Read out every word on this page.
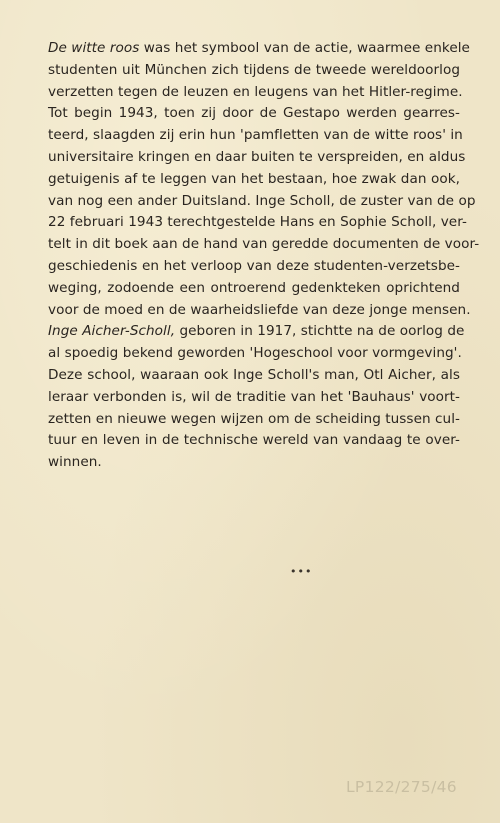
De witte roos was het symbool van de actie, waarmee enkele
studenten uit München zich tijdens de tweede wereldoorlog
verzetten tegen de leuzen en leugens van het Hitler-regime.
Tot begin 1943, toen zij door de Gestapo werden gearres-
teerd, slaagden zij erin hun 'pamfletten van de witte roos' in
universitaire kringen en daar buiten te verspreiden, en aldus
getuigenis af te leggen van het bestaan, hoe zwak dan ook,
van nog een ander Duitsland. Inge Scholl, de zuster van de op
22 februari 1943 terechtgestelde Hans en Sophie Scholl, ver-
telt in dit boek aan de hand van geredde documenten de voor-
geschiedenis en het verloop van deze studenten-verzetsbe-
weging, zodoende een ontroerend gedenkteken oprichtend
voor de moed en de waarheidsliefde van deze jonge mensen.
Inge Aicher-Scholl, geboren in 1917, stichtte na de oorlog de
al spoedig bekend geworden 'Hogeschool voor vormgeving'.
Deze school, waaraan ook Inge Scholl's man, Otl Aicher, als
leraar verbonden is, wil de traditie van het 'Bauhaus' voort-
zetten en nieuwe wegen wijzen om de scheiding tussen cul-
tuur en leven in de technische wereld van vandaag te over-
winnen.
•••
LP122/275/46
